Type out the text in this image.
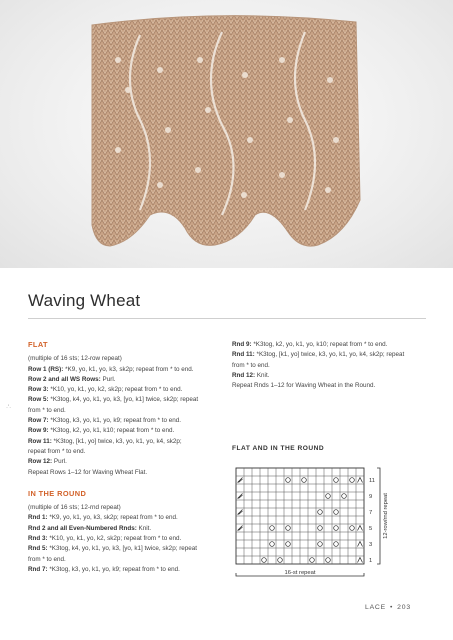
·'·
Waving Wheat

FLAT

(multiple of 16 sts; 12-row repeat)

Row 1 (RS): *K9, yo, k1, yo, k3, sk2p; repeat from * to end.

Row 2 and all WS Rows: Purl.

Row 3: *K10, yo, k1, yo, k2, sk2p; repeat from * to end.

Row 5: *K3tog, k4, yo, k1, yo, k3, [yo, k1] twice, sk2p; repeat

from * to end.

Row 7: *K3tog, k3, yo, k1, yo, k9; repeat from * to end.

Row 9: *K3tog, k2, yo, k1, k10; repeat from * to end.

Row 11: *K3tog, [k1, yo] twice, k3, yo, k1, yo, k4, sk2p;

repeat from * to end.

Row 12: Purl.

Repeat Rows 1–12 for Waving Wheat Flat.

IN THE ROUND

(multiple of 16 sts; 12-rnd repeat)

Rnd 1: *K9, yo, k1, yo, k3, sk2p; repeat from * to end.

Rnd 2 and all Even-Numbered Rnds: Knit.

Rnd 3: *K10, yo, k1, yo, k2, sk2p; repeat from * to end.

Rnd 5: *K3tog, k4, yo, k1, yo, k3, [yo, k1] twice, sk2p; repeat

from * to end.

Rnd 7: *K3tog, k3, yo, k1, yo, k9; repeat from * to end.

Rnd 9: *K3tog, k2, yo, k1, yo, k10; repeat from * to end.

Rnd 11: *K3tog, [k1, yo] twice, k3, yo, k1, yo, k4, sk2p; repeat

from * to end.

Rnd 12: Knit.

Repeat Rnds 1–12 for Waving Wheat in the Round.

FLAT AND IN THE ROUND
11
9
7
5
3
1
12-row/rnd repeat
16-st repeat
LACE • 203
